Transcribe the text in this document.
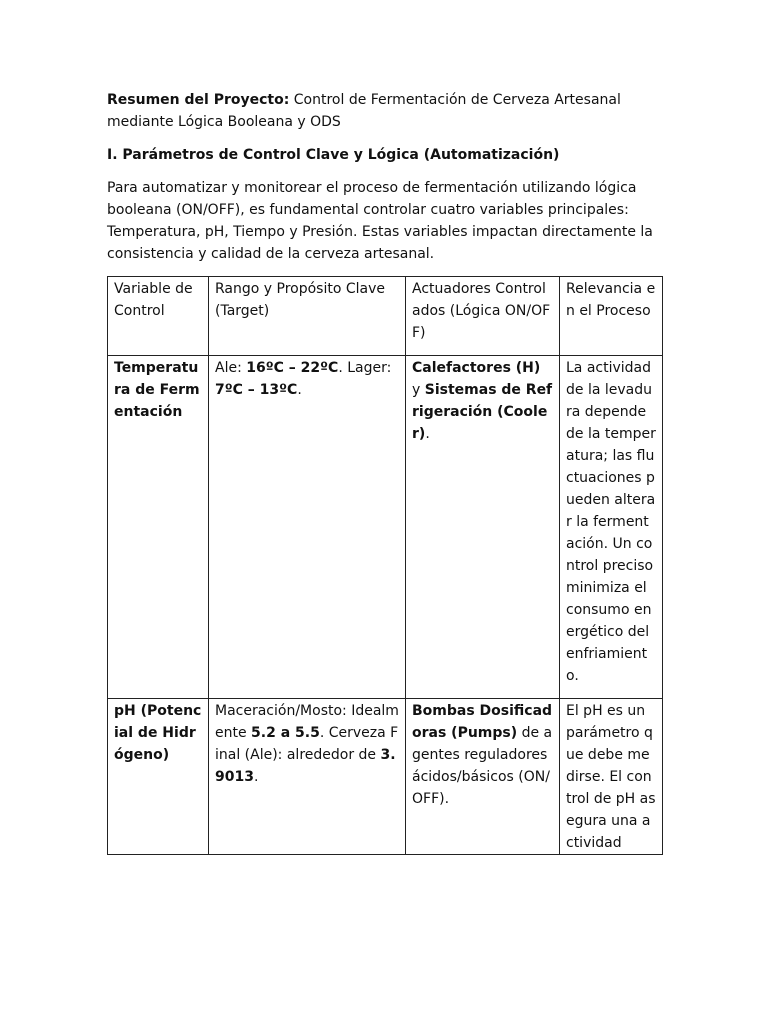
Resumen del Proyecto: Control de Fermentación de Cerveza Artesanal mediante Lógica Booleana y ODS

I. Parámetros de Control Clave y Lógica (Automatización)

Para automatizar y monitorear el proceso de fermentación utilizando lógica booleana (ON/OFF), es fundamental controlar cuatro variables principales: Temperatura, pH, Tiempo y Presión. Estas variables impactan directamente la consistencia y calidad de la cerveza artesanal.

Variable de Control	Rango y Propósito Clave (Target)	Actuadores Controlados (Lógica ON/OFF)	Relevancia en el Proceso
Temperatura de Fermentación	Ale: 16ºC – 22ºC. Lager: 7ºC – 13ºC.	Calefactores (H) y Sistemas de Refrigeración (Cooler).	La actividad de la levadura depende de la temperatura; las fluctuaciones pueden alterar la fermentación. Un control preciso minimiza el consumo energético del enfriamiento.
pH (Potencial de Hidrógeno)	Maceración/Mosto: Idealmente 5.2 a 5.5. Cerveza Final (Ale): alrededor de 3.9013.	Bombas Dosificadoras (Pumps) de agentes reguladores ácidos/básicos (ON/OFF).	El pH es un parámetro que debe medirse. El control de pH asegura una actividad
